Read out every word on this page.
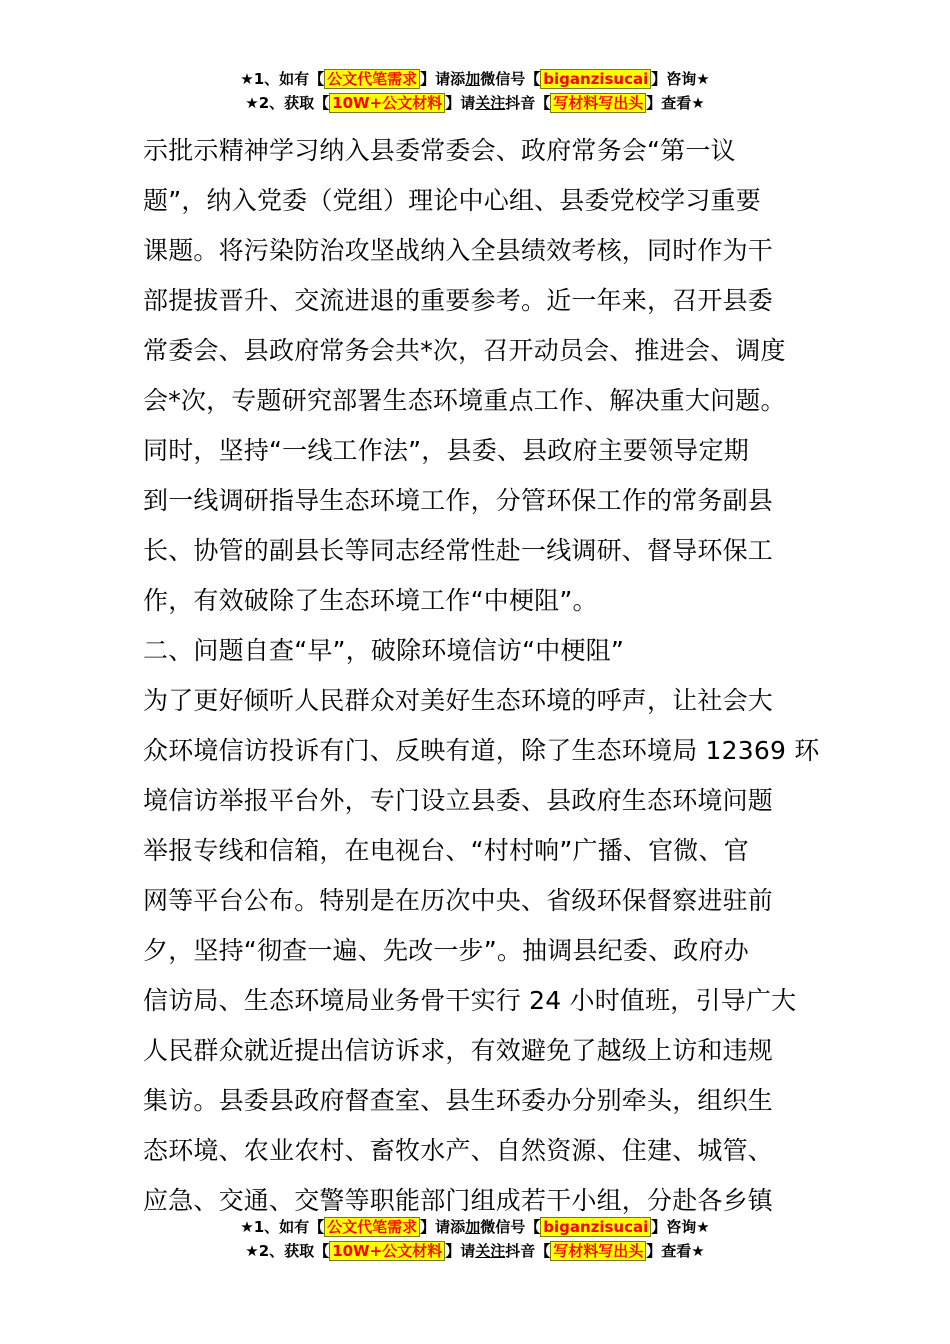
★1、如有【 公文代笔需求 】请添加微信号【 biganzisucai 】咨询★
★2、获取【 10W+公文材料 】请关注抖音【 写材料写出头 】查看★
示批示精神学习纳入县委常委会、政府常务会“第一议
题”，纳入党委（党组）理论中心组、县委党校学习重要
课题。将污染防治攻坚战纳入全县绩效考核，同时作为干
部提拔晋升、交流进退的重要参考。近一年来，召开县委
常委会、县政府常务会共*次，召开动员会、推进会、调度
会*次，专题研究部署生态环境重点工作、解决重大问题。
同时，坚持“一线工作法”，县委、县政府主要领导定期
到一线调研指导生态环境工作，分管环保工作的常务副县
长、协管的副县长等同志经常性赴一线调研、督导环保工
作，有效破除了生态环境工作“中梗阻”。
二、问题自查“早”，破除环境信访“中梗阻”
为了更好倾听人民群众对美好生态环境的呼声，让社会大
众环境信访投诉有门、反映有道，除了生态环境局 12369 环
境信访举报平台外，专门设立县委、县政府生态环境问题
举报专线和信箱，在电视台、“村村响”广播、官微、官
网等平台公布。特别是在历次中央、省级环保督察进驻前
夕，坚持“彻查一遍、先改一步”。抽调县纪委、政府办
信访局、生态环境局业务骨干实行 24 小时值班，引导广大
人民群众就近提出信访诉求，有效避免了越级上访和违规
集访。县委县政府督查室、县生环委办分别牵头，组织生
态环境、农业农村、畜牧水产、自然资源、住建、城管、
应急、交通、交警等职能部门组成若干小组，分赴各乡镇
★1、如有【 公文代笔需求 】请添加微信号【 biganzisucai 】咨询★
★2、获取【 10W+公文材料 】请关注抖音【 写材料写出头 】查看★
